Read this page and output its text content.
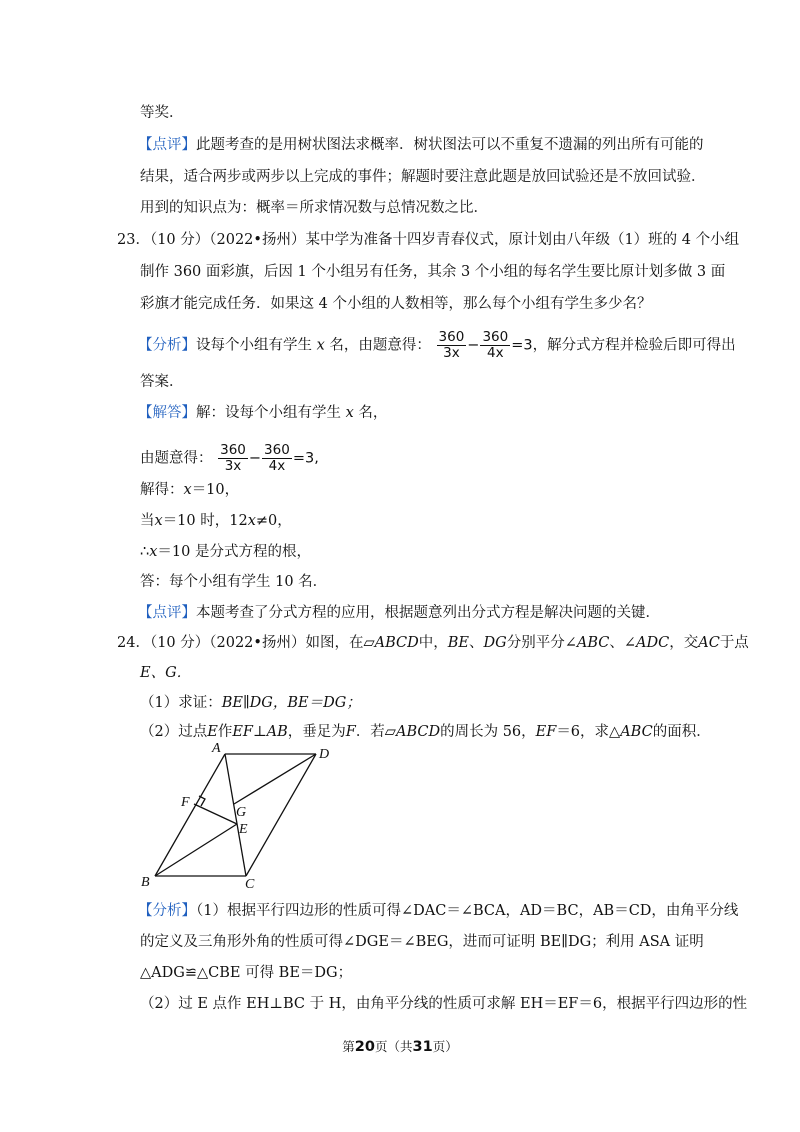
等奖．
【点评】此题考查的是用树状图法求概率．树状图法可以不重复不遗漏的列出所有可能的
结果，适合两步或两步以上完成的事件；解题时要注意此题是放回试验还是不放回试验．
用到的知识点为：概率＝所求情况数与总情况数之比．
23．（10 分）（2022•扬州）某中学为准备十四岁青春仪式，原计划由八年级（1）班的 4 个小组
制作 360 面彩旗，后因 1 个小组另有任务，其余 3 个小组的每名学生要比原计划多做 3 面
彩旗才能完成任务．如果这 4 个小组的人数相等，那么每个小组有学生多少名？
【分析】设每个小组有学生 x 名，由题意得： $\frac{360}{3x} - \frac{360}{4x} =3$，解分式方程并检验后即可得出
答案．
【解答】解：设每个小组有学生 x 名，
由题意得： $\frac{360}{3x} - \frac{360}{4x} =3$,
解得：x＝10，
当x＝10 时，12x≠0，
∴x＝10 是分式方程的根，
答：每个小组有学生 10 名．
【点评】本题考查了分式方程的应用，根据题意列出分式方程是解决问题的关键．
24．（10 分）（2022•扬州）如图，在▱ABCD中，BE、DG分别平分∠ABC、∠ADC，交AC于点
E、G．
（1）求证：BE∥DG，BE＝DG；
（2）过点E作EF⊥AB，垂足为F．若▱ABCD的周长为 56，EF＝6，求△ABC的面积．
A	D
F
G
E
B	C
【分析】（1）根据平行四边形的性质可得∠DAC＝∠BCA，AD＝BC，AB＝CD，由角平分线
的定义及三角形外角的性质可得∠DGE＝∠BEG，进而可证明 BE∥DG；利用 ASA 证明
△ADG≌△CBE 可得 BE＝DG；
（2）过 E 点作 EH⊥BC 于 H，由角平分线的性质可求解 EH＝EF＝6，根据平行四边形的性
第20页（共31页）
